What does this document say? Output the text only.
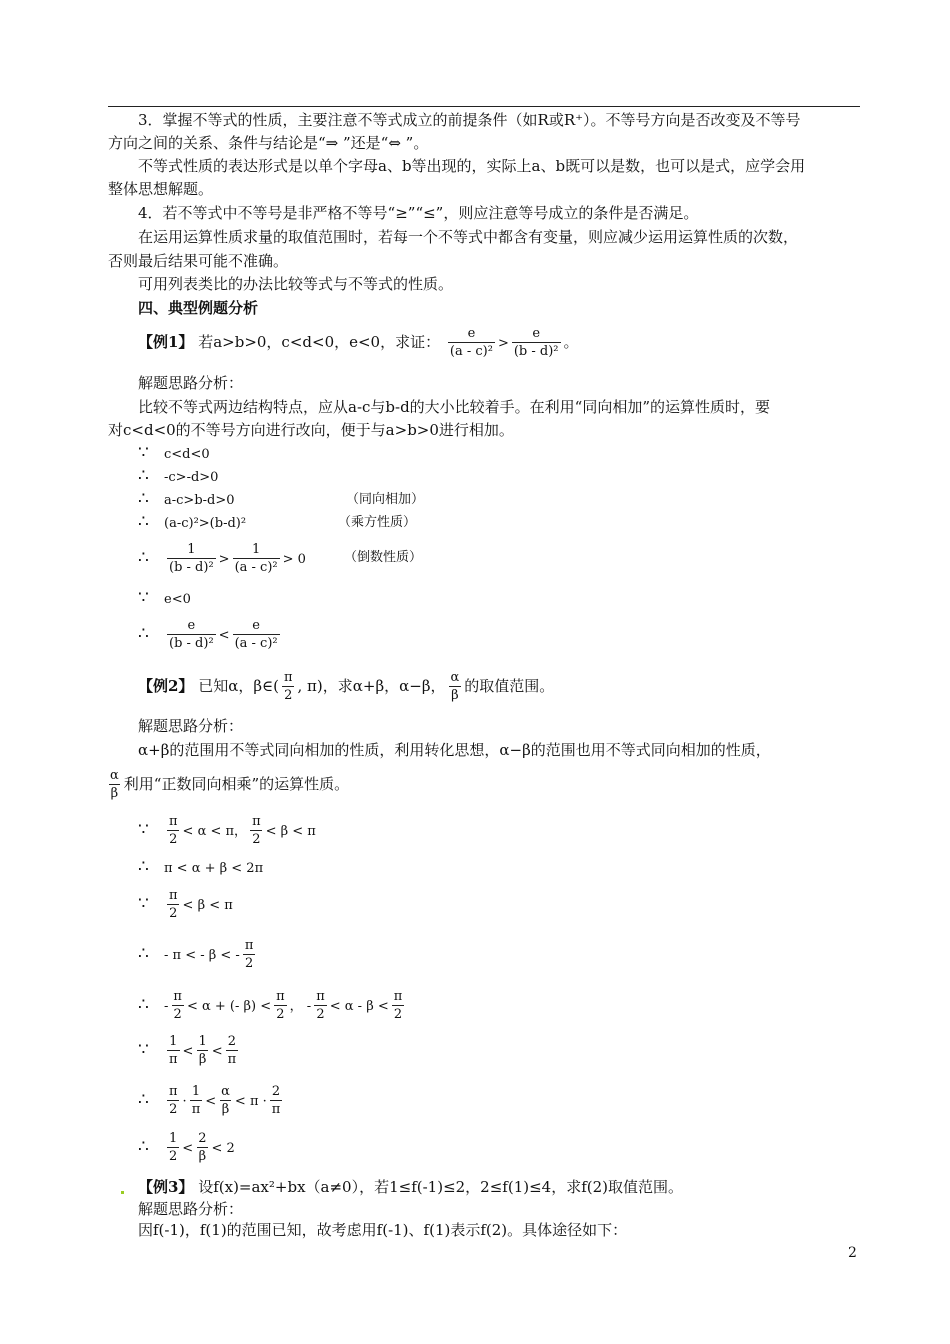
3．掌握不等式的性质，主要注意不等式成立的前提条件（如R或R⁺）。不等号方向是否改变及不等号
方向之间的关系、条件与结论是“⇒ ”还是“⇔ ”。
不等式性质的表达形式是以单个字母a、b等出现的，实际上a、b既可以是数，也可以是式，应学会用
整体思想解题。
4．若不等式中不等号是非严格不等号“≥”“≤”，则应注意等号成立的条件是否满足。
在运用运算性质求量的取值范围时，若每一个不等式中都含有变量，则应减少运用运算性质的次数，
否则最后结果可能不准确。
可用列表类比的办法比较等式与不等式的性质。
四、典型例题分析
【例1】 若a>b>0，c<d<0，e<0，求证： $\frac{e}{\text{(a - c)²}} > \frac{e}{\text{(b - d)²}}$ 。
解题思路分析：
比较不等式两边结构特点，应从a-c与b-d的大小比较着手。在利用“同向相加”的运算性质时，要
对c<d<0的不等号方向进行改向，便于与a>b>0进行相加。
∵ c<d<0
∴ -c>-d>0
∴ a-c>b-d>0	（同向相加）
∴ (a-c)²>(b-d)²	（乘方性质）
∴ $\frac{1}{\text{(b - d)²}} > \frac{1}{\text{(a - c)²}} > 0$	（倒数性质）
∵ e<0
∴ $\frac{e}{\text{(b - d)²}} < \frac{e}{\text{(a - c)²}}$
【例2】 已知α，β∈( $\frac{\pi}{2}$ , π)，求α+β，α−β， $\frac{\alpha}{\beta}$ 的取值范围。
解题思路分析：
α+β的范围用不等式同向相加的性质，利用转化思想，α−β的范围也用不等式同向相加的性质，
$\frac{\alpha}{\beta}$ 利用“正数同向相乘”的运算性质。
∵ $\frac{\pi}{2} < \alpha < \pi$， $\frac{\pi}{2} < \beta < \pi$
∴ π < α + β < 2π
∵ $\frac{\pi}{2} < \beta < \pi$
∴ - π < - β < - $\frac{\pi}{2}$
∴ - $\frac{\pi}{2} < \alpha$ + (- $\beta) < \frac{\pi}{2}$ ， - $\frac{\pi}{2} < \alpha - \beta < \frac{\pi}{2}$
∵ $\frac{1}{\pi} < \frac{1}{\beta} < \frac{2}{\pi}$
∴ $\frac{\pi}{2} \cdot \frac{1}{\pi} < \frac{\alpha}{\beta} < \pi \cdot \frac{2}{\pi}$
∴ $\frac{1}{2} < \frac{2}{\beta} < 2$
【例3】 设f(x)=ax²+bx（a≠0），若1≤f(-1)≤2，2≤f(1)≤4，求f(2)取值范围。
解题思路分析：
因f(-1)，f(1)的范围已知，故考虑用f(-1)、f(1)表示f(2)。具体途径如下：
2
